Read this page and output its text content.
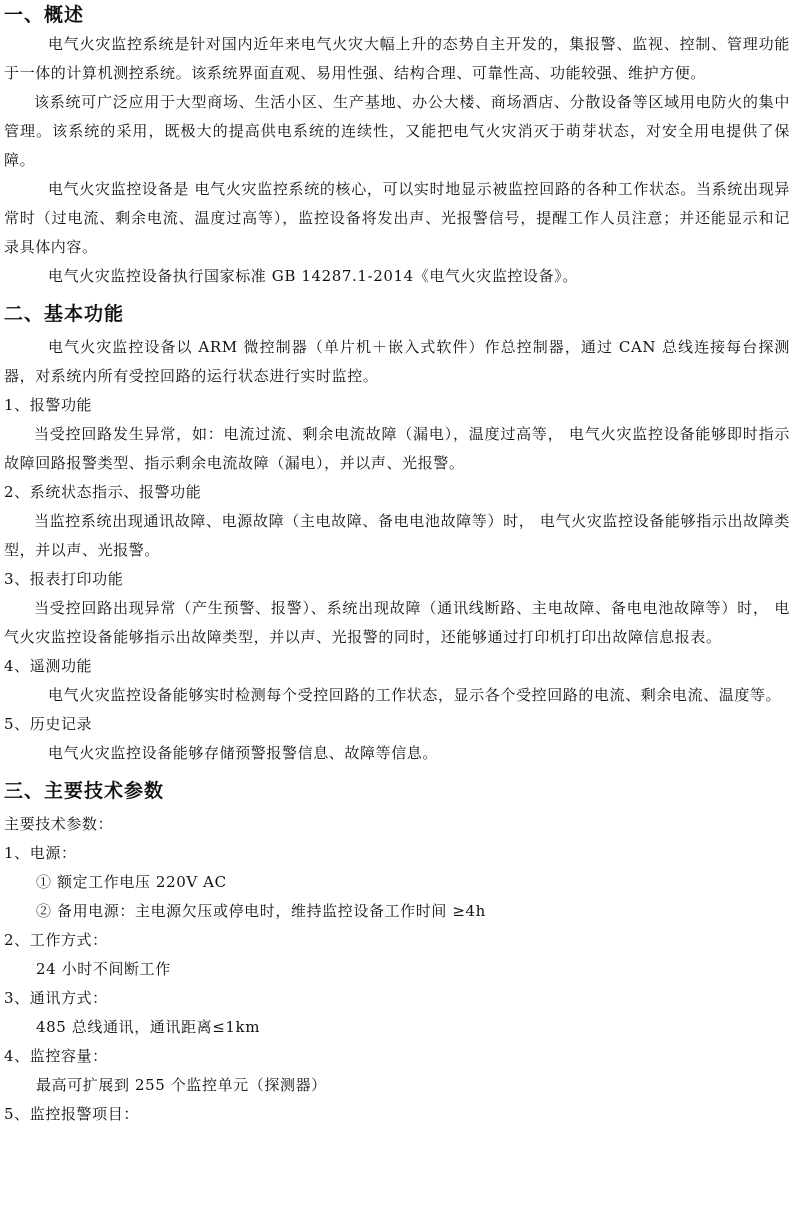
一、概述

电气火灾监控系统是针对国内近年来电气火灾大幅上升的态势自主开发的，集报警、监视、控制、管理功能于一体的计算机测控系统。该系统界面直观、易用性强、结构合理、可靠性高、功能较强、维护方便。

该系统可广泛应用于大型商场、生活小区、生产基地、办公大楼、商场酒店、分散设备等区域用电防火的集中管理。该系统的采用，既极大的提高供电系统的连续性，又能把电气火灾消灭于萌芽状态，对安全用电提供了保障。

电气火灾监控设备是 电气火灾监控系统的核心，可以实时地显示被监控回路的各种工作状态。当系统出现异常时（过电流、剩余电流、温度过高等），监控设备将发出声、光报警信号，提醒工作人员注意；并还能显示和记录具体内容。

电气火灾监控设备执行国家标准 GB 14287.1-2014《电气火灾监控设备》。

二、基本功能

电气火灾监控设备以 ARM 微控制器（单片机＋嵌入式软件）作总控制器，通过 CAN 总线连接每台探测器，对系统内所有受控回路的运行状态进行实时监控。

1、报警功能

当受控回路发生异常，如：电流过流、剩余电流故障（漏电），温度过高等， 电气火灾监控设备能够即时指示故障回路报警类型、指示剩余电流故障（漏电），并以声、光报警。

2、系统状态指示、报警功能

当监控系统出现通讯故障、电源故障（主电故障、备电电池故障等）时， 电气火灾监控设备能够指示出故障类型，并以声、光报警。

3、报表打印功能

当受控回路出现异常（产生预警、报警）、系统出现故障（通讯线断路、主电故障、备电电池故障等）时， 电气火灾监控设备能够指示出故障类型，并以声、光报警的同时，还能够通过打印机打印出故障信息报表。

4、遥测功能

电气火灾监控设备能够实时检测每个受控回路的工作状态，显示各个受控回路的电流、剩余电流、温度等。

5、历史记录

电气火灾监控设备能够存储预警报警信息、故障等信息。

三、主要技术参数

主要技术参数：

1、电源：

① 额定工作电压 220V AC

② 备用电源：主电源欠压或停电时，维持监控设备工作时间 ≥4h

2、工作方式：

24 小时不间断工作

3、通讯方式：

485 总线通讯，通讯距离≤1km

4、监控容量：

最高可扩展到 255 个监控单元（探测器）

5、监控报警项目：
